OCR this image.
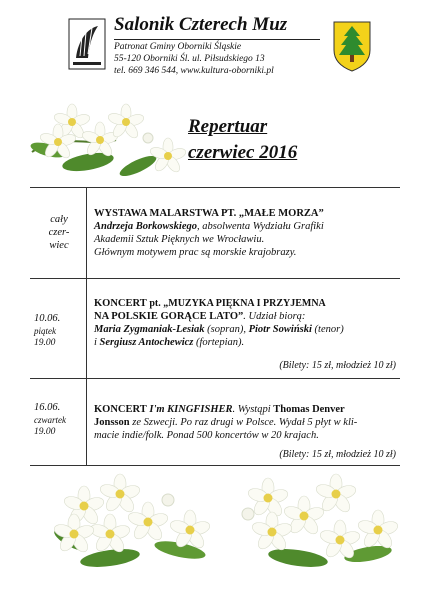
Salonik Czterech Muz
Patronat Gminy Oborniki Śląskie
55-120 Oborniki Śl. ul. Piłsudskiego 13
tel. 669 346 544, www.kultura-oborniki.pl
Repertuar
czerwiec 2016
cały
czer-
wiec
WYSTAWA MALARSTWA PT. „MAŁE MORZA”
Andrzeja Borkowskiego, absolwenta Wydziału Grafiki
Akademii Sztuk Pięknych we Wrocławiu.
Głównym motywem prac są morskie krajobrazy.
10.06.
piątek
19.00
KONCERT pt. „MUZYKA PIĘKNA I PRZYJEMNA
NA POLSKIE GORĄCE LATO”. Udział biorą:
Maria Zygmaniak-Lesiak (sopran), Piotr Sowiński (tenor)
i Sergiusz Antochewicz (fortepian).
(Bilety: 15 zł, młodzież 10 zł)
16.06.
czwartek
19.00
KONCERT I'm KINGFISHER. Wystąpi Thomas Denver
Jonsson ze Szwecji. Po raz drugi w Polsce. Wydał 5 płyt w kli-
macie indie/folk. Ponad 500 koncertów w 20 krajach.
(Bilety: 15 zł, młodzież 10 zł)
